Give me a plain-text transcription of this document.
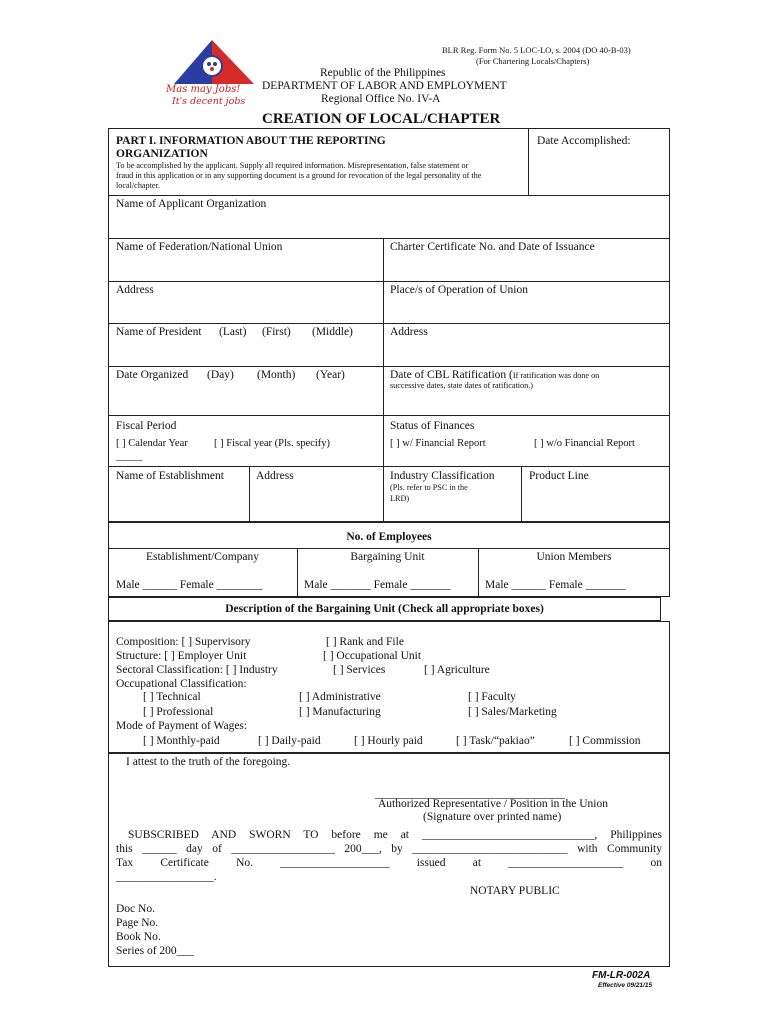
Mas may Jobs!
It's decent jobs
BLR Reg. Form No. 5 LOC-LO, s. 2004 (DO 40-B-03)
(For Chartering Locals/Chapters)
Republic of the Philippines
DEPARTMENT OF LABOR AND EMPLOYMENT
Regional Office No. IV-A
CREATION OF LOCAL/CHAPTER
PART I. INFORMATION ABOUT THE REPORTING
ORGANIZATION
To be accomplished by the applicant. Supply all required information. Misrepresentation, false statement or
fraud in this application or in any supporting document is a ground for revocation of the legal personality of the
local/chapter.
Date Accomplished:
Name of Applicant Organization
Name of Federation/National Union	Charter Certificate No. and Date of Issuance
Address	Place/s of Operation of Union
Name of President (Last) (First) (Middle)	Address
Date Organized (Day) (Month) (Year)	Date of CBL Ratification (If ratification was done on
successive dates, state dates of ratification.)
Fiscal Period
[ ] Calendar Year	[ ] Fiscal year (Pls. specify)
_____
Status of Finances
[ ] w/ Financial Report	[ ] w/o Financial Report
Name of Establishment	Address	Industry Classification
(Pls. refer to PSC in the
LRD)
Product Line
No. of Employees
Establishment/Company	Bargaining Unit	Union Members
Male ______ Female ________	Male _______ Female _______	Male ______ Female _______
Description of the Bargaining Unit (Check all appropriate boxes)
Composition: [ ] Supervisory	[ ] Rank and File
Structure: [ ] Employer Unit	[ ] Occupational Unit
Sectoral Classification: [ ] Industry	[ ] Services	[ ] Agriculture
Occupational Classification:
[ ] Technical	[ ] Administrative	[ ] Faculty
[ ] Professional	[ ] Manufacturing	[ ] Sales/Marketing
Mode of Payment of Wages:
[ ] Monthly-paid	[ ] Daily-paid	[ ] Hourly paid	[ ] Task/“pakiao”	[ ] Commission
I attest to the truth of the foregoing.
_________________________________
Authorized Representative / Position in the Union
(Signature over printed name)
SUBSCRIBED AND SWORN TO before me at ______________________________, Philippines
this ______ day of __________________ 200___, by ___________________________ with Community
Tax Certificate No. ___________________ issued at ____________________ on
_________________.
NOTARY PUBLIC
Doc No.
Page No.
Book No.
Series of 200___
FM-LR-002A
Effective 09/21/15
